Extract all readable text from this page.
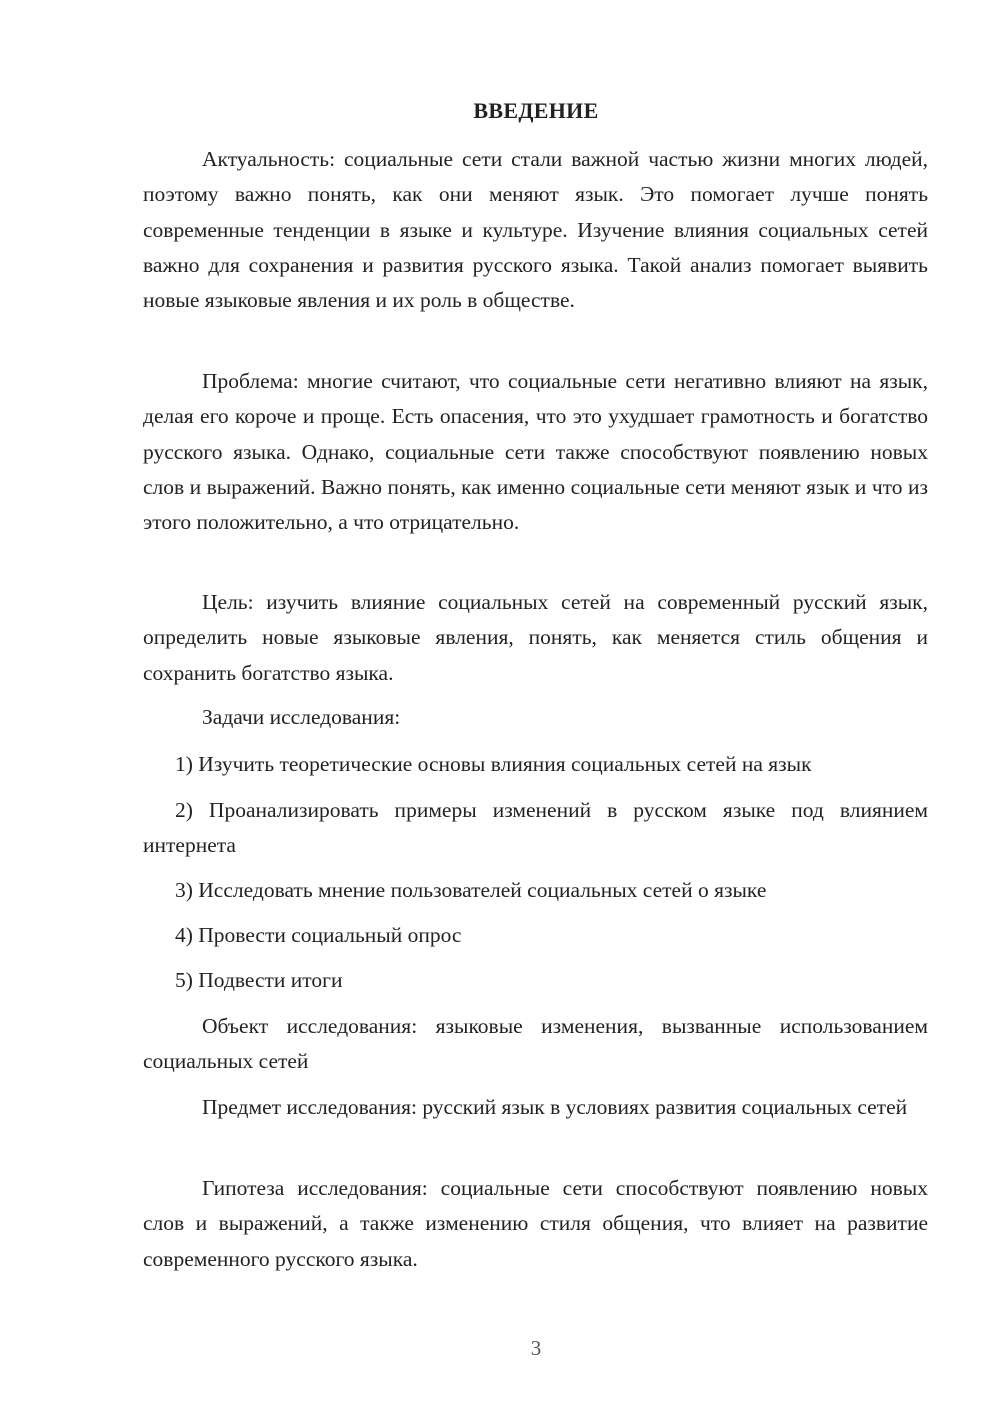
ВВЕДЕНИЕ

Актуальность: социальные сети стали важной частью жизни многих людей, поэтому важно понять, как они меняют язык. Это помогает лучше понять современные тенденции в языке и культуре. Изучение влияния социальных сетей важно для сохранения и развития русского языка. Такой анализ помогает выявить новые языковые явления и их роль в обществе.

Проблема: многие считают, что социальные сети негативно влияют на язык, делая его короче и проще. Есть опасения, что это ухудшает грамотность и богатство русского языка. Однако, социальные сети также способствуют появлению новых слов и выражений. Важно понять, как именно социальные сети меняют язык и что из этого положительно, а что отрицательно.

Цель: изучить влияние социальных сетей на современный русский язык, определить новые языковые явления, понять, как меняется стиль общения и сохранить богатство языка.

Задачи исследования:

1) Изучить теоретические основы влияния социальных сетей на язык

2) Проанализировать примеры изменений в русском языке под влиянием интернета

3) Исследовать мнение пользователей социальных сетей о языке

4) Провести социальный опрос

5) Подвести итоги

Объект исследования: языковые изменения, вызванные использованием социальных сетей

Предмет исследования: русский язык в условиях развития социальных сетей

Гипотеза исследования: социальные сети способствуют появлению новых слов и выражений, а также изменению стиля общения, что влияет на развитие современного русского языка.

3
